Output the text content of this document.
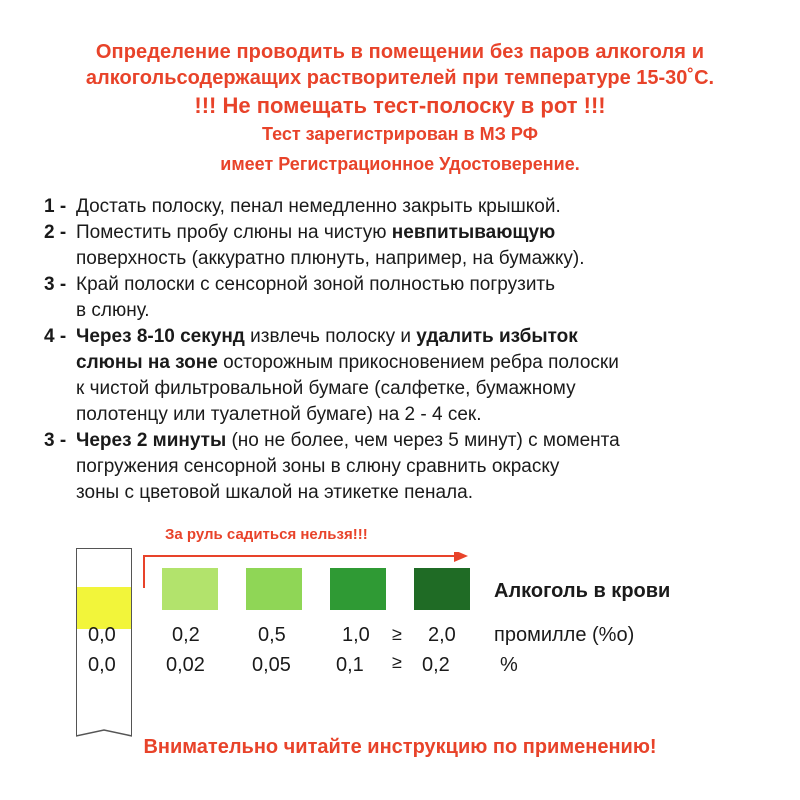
Определение проводить в помещении без паров алкоголя и
алкогольсодержащих растворителей при температуре 15-30˚С.
!!! Не помещать тест-полоску в рот !!!
Тест зарегистрирован в МЗ РФ
имеет Регистрационное Удостоверение.
1 - Достать полоску, пенал немедленно закрыть крышкой.
2 - Поместить пробу слюны на чистую невпитывающую
поверхность (аккуратно плюнуть, например, на бумажку).
3 - Край полоски с сенсорной зоной полностью погрузить
в слюну.
4 - Через 8-10 секунд извлечь полоску и удалить избыток
слюны на зоне осторожным прикосновением ребра полоски
к чистой фильтровальной бумаге (салфетке, бумажному
полотенцу или туалетной бумаге) на 2 - 4 сек.
3 - Через 2 минуты (но не более, чем через 5 минут) с момента
погружения сенсорной зоны в слюну сравнить окраску
зоны с цветовой шкалой на этикетке пенала.
За руль садиться нельзя!!!
Алкоголь в крови
0,0
0,0
0,2
0,02
0,5
0,05
1,0
0,1
2,0
0,2
≥
≥
промилле (%о)
%
Внимательно читайте инструкцию по применению!
